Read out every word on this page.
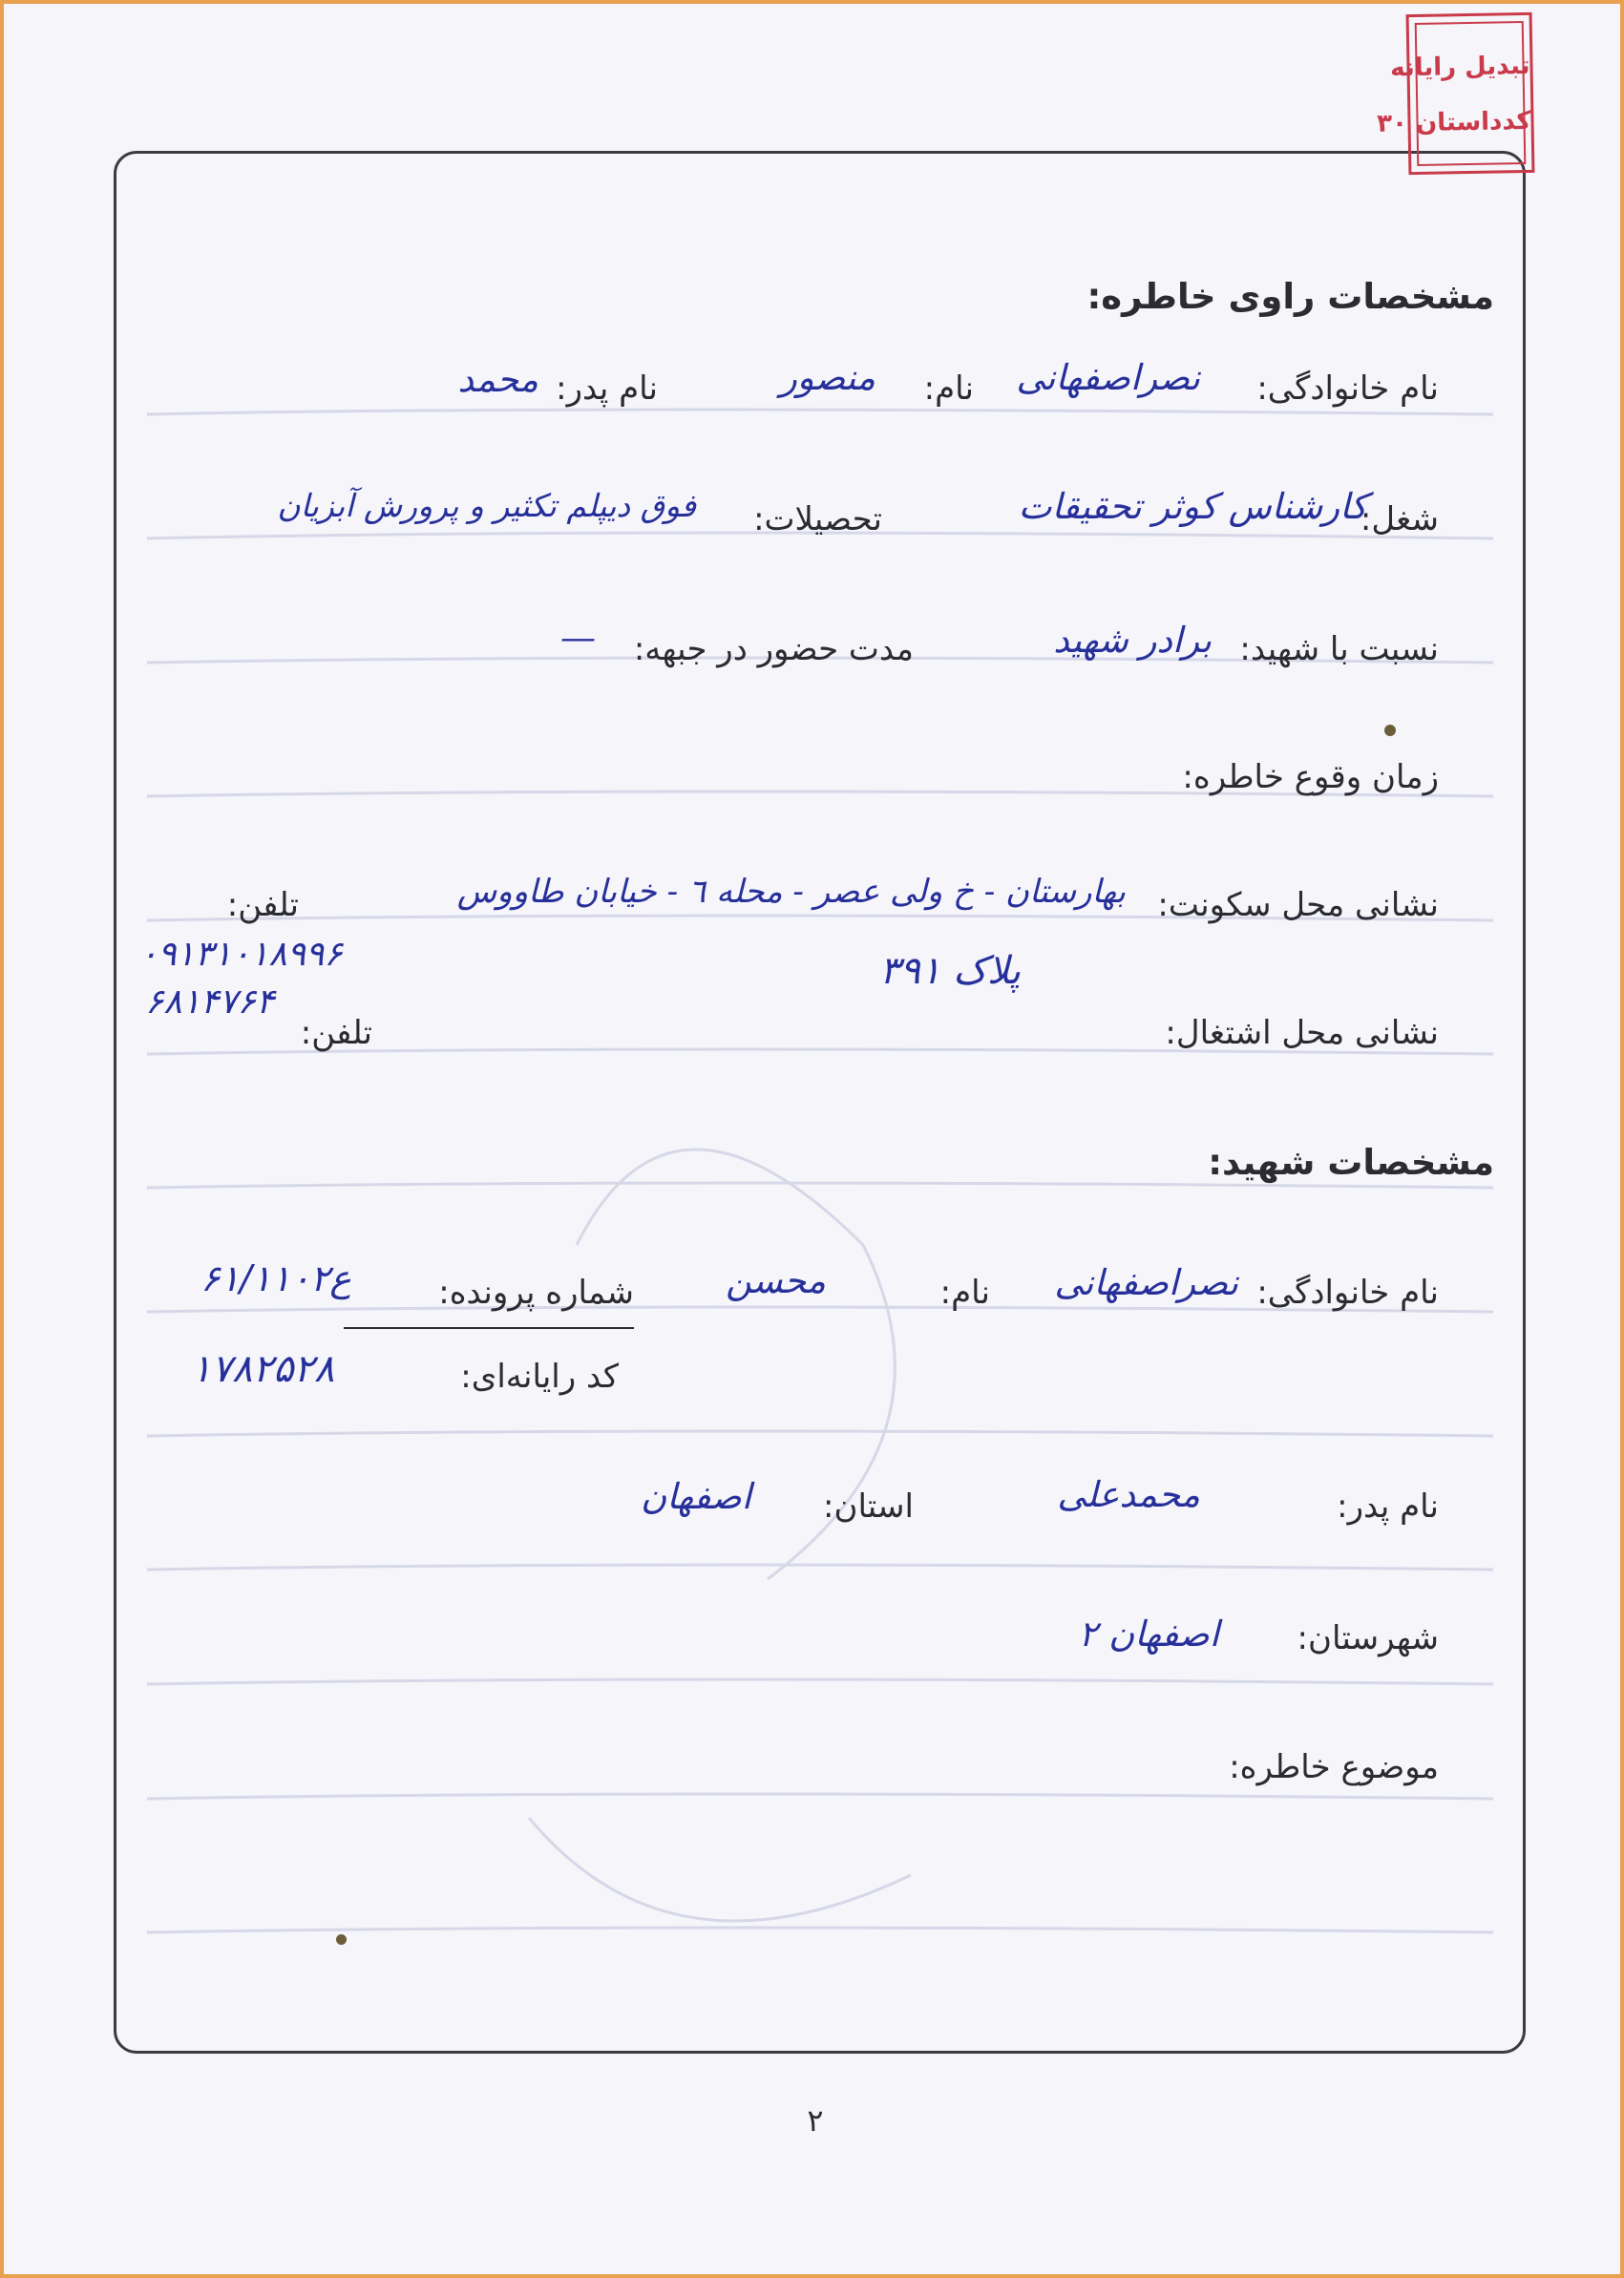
تبدیل رایانه
کد‌داستان ۳۰
مشخصات راوی خاطره:
نام خانوادگی:
نصراصفهانی
نام:
منصور
نام پدر:
محمد
شغل:
کارشناس کوثر تحقیقات
تحصیلات:
فوق دیپلم تکثیر و پرورش آبزیان
نسبت با شهید:
برادر شهید
مدت حضور در جبهه:
—
زمان وقوع خاطره:
نشانی محل سکونت:
بهارستان - خ ولی عصر - محله ٦ - خیابان طاووس
تلفن:
پلاک ۳۹۱
۰۹۱۳۱۰۱۸۹۹۶
۶۸۱۴۷۶۴
نشانی محل اشتغال:
تلفن:
مشخصات شهید:
نام خانوادگی:
نصراصفهانی
نام:
محسن
شماره پرونده:
۶۱/ع۱۱۰۲
کد رایانه‌ای:
۱۷۸۲۵۲۸
نام پدر:
محمدعلی
استان:
اصفهان
شهرستان:
اصفهان ۲
موضوع خاطره:
۲
